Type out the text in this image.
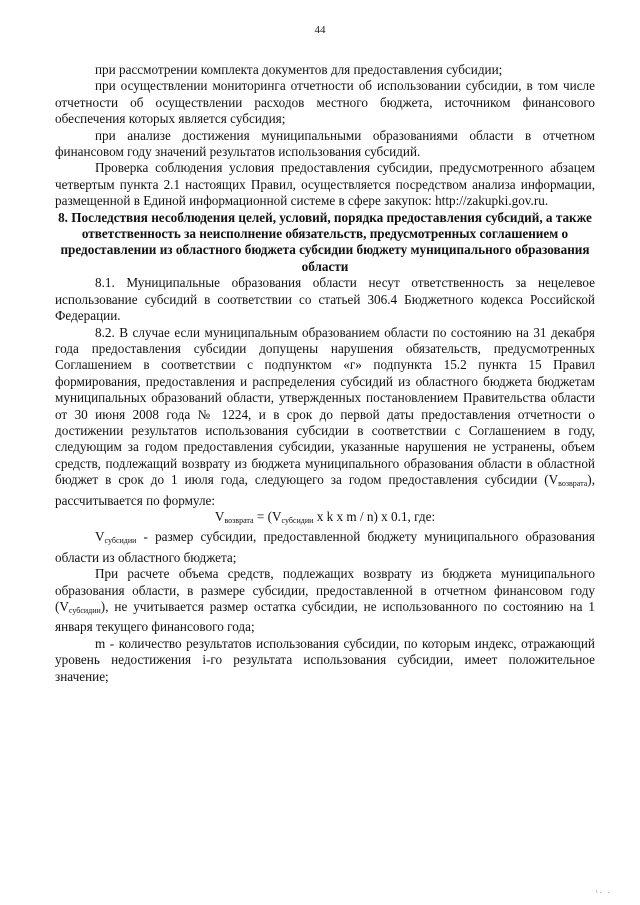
44

при рассмотрении комплекта документов для предоставления субсидии;

при осуществлении мониторинга отчетности об использовании субсидии, в том числе отчетности об осуществлении расходов местного бюджета, источником финансового обеспечения которых является субсидия;

при анализе достижения муниципальными образованиями области в отчетном финансовом году значений результатов использования субсидий.

Проверка соблюдения условия предоставления субсидии, предусмотренного абзацем четвертым пункта 2.1 настоящих Правил, осуществляется посредством анализа информации, размещенной в Единой информационной системе в сфере закупок: http://zakupki.gov.ru.

8. Последствия несоблюдения целей, условий, порядка предоставления субсидий, а также ответственность за неисполнение обязательств, предусмотренных соглашением о предоставлении из областного бюджета субсидии бюджету муниципального образования области

8.1. Муниципальные образования области несут ответственность за нецелевое использование субсидий в соответствии со статьей 306.4 Бюджетного кодекса Российской Федерации.

8.2. В случае если муниципальным образованием области по состоянию на 31 декабря года предоставления субсидии допущены нарушения обязательств, предусмотренных Соглашением в соответствии с подпунктом «г» подпункта 15.2 пункта 15 Правил формирования, предоставления и распределения субсидий из областного бюджета бюджетам муниципальных образований области, утвержденных постановлением Правительства области от 30 июня 2008 года № 1224, и в срок до первой даты предоставления отчетности о достижении результатов использования субсидии в соответствии с Соглашением в году, следующим за годом предоставления субсидии, указанные нарушения не устранены, объем средств, подлежащий возврату из бюджета муниципального образования области в областной бюджет в срок до 1 июля года, следующего за годом предоставления субсидии $(V_{возврата})$, рассчитывается по формуле:

$V_{возврата} = (V_{субсидии}$ x k x m / n) x 0.1, где:

$V_{субсидии}$ - размер субсидии, предоставленной бюджету муниципального образования области из областного бюджета;

При расчете объема средств, подлежащих возврату из бюджета муниципального образования области, в размере субсидии, предоставленной в отчетном финансовом году $(V_{субсидии})$, не учитывается размер остатка субсидии, не использованного по состоянию на 1 января текущего финансового года;

m - количество результатов использования субсидии, по которым индекс, отражающий уровень недостижения i-го результата использования субсидии, имеет положительное значение;

ⁱ· ·
